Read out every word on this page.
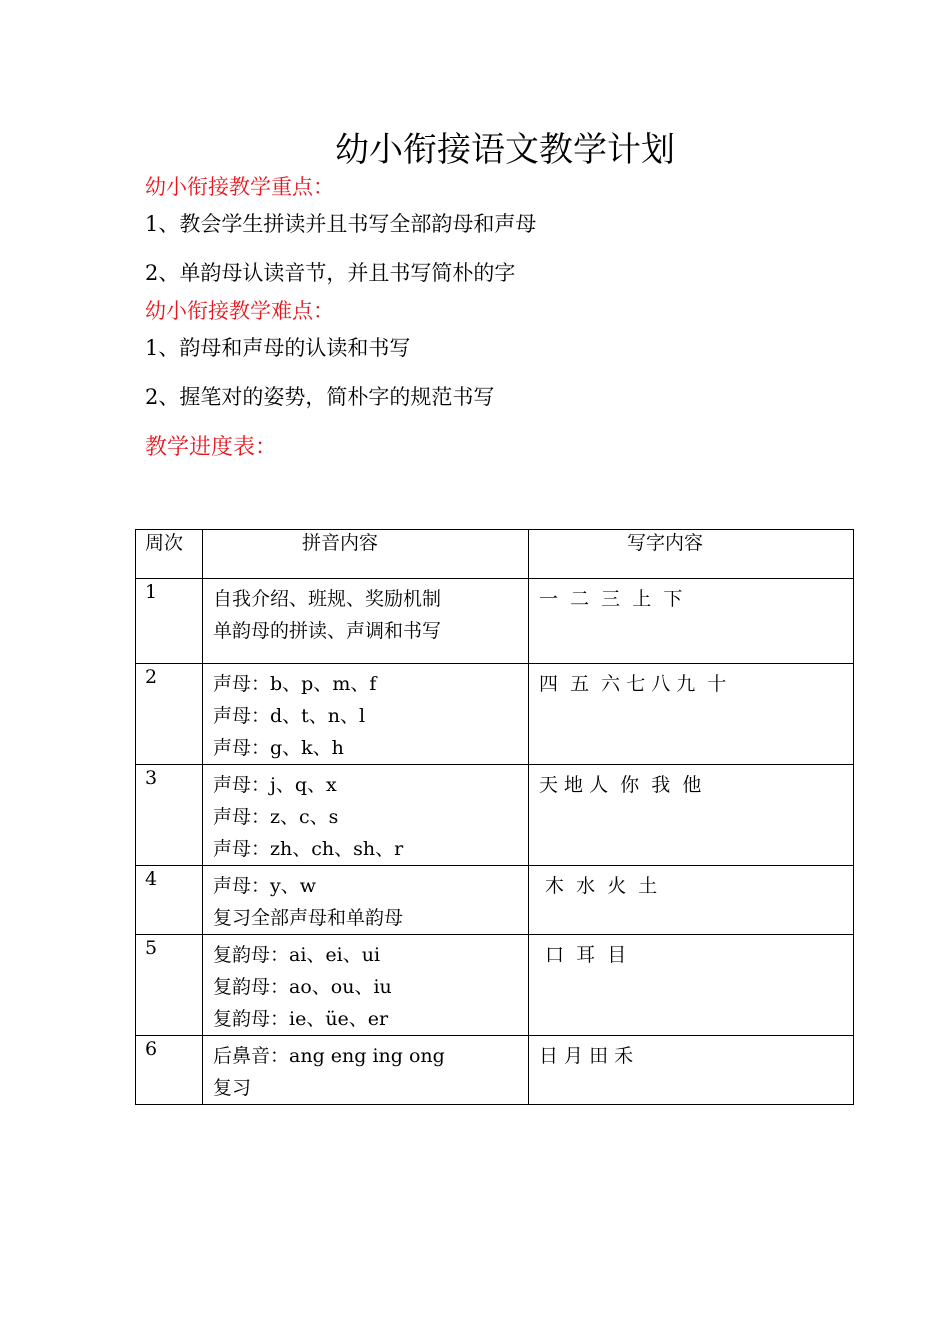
幼小衔接语文教学计划

幼小衔接教学重点：

1、教会学生拼读并且书写全部韵母和声母

2、单韵母认读音节，并且书写简朴的字

幼小衔接教学难点：

1、韵母和声母的认读和书写

2、握笔对的姿势，简朴字的规范书写

教学进度表：

周次	拼音内容	写字内容

1	自我介绍、班规、奖励机制
单韵母的拼读、声调和书写	一  二  三  上  下

2	声母：b、p、m、f
声母：d、t、n、l
声母：g、k、h	四  五  六 七 八 九  十

3	声母：j、q、x
声母：z、c、s
声母：zh、ch、sh、r	天 地 人  你  我  他

4	声母：y、w
复习全部声母和单韵母	木  水  火  土

5	复韵母：ai、ei、ui
复韵母：ao、ou、iu
复韵母：ie、üe、er	口  耳  目

6	后鼻音：ang eng ing ong
复习	日 月 田 禾
